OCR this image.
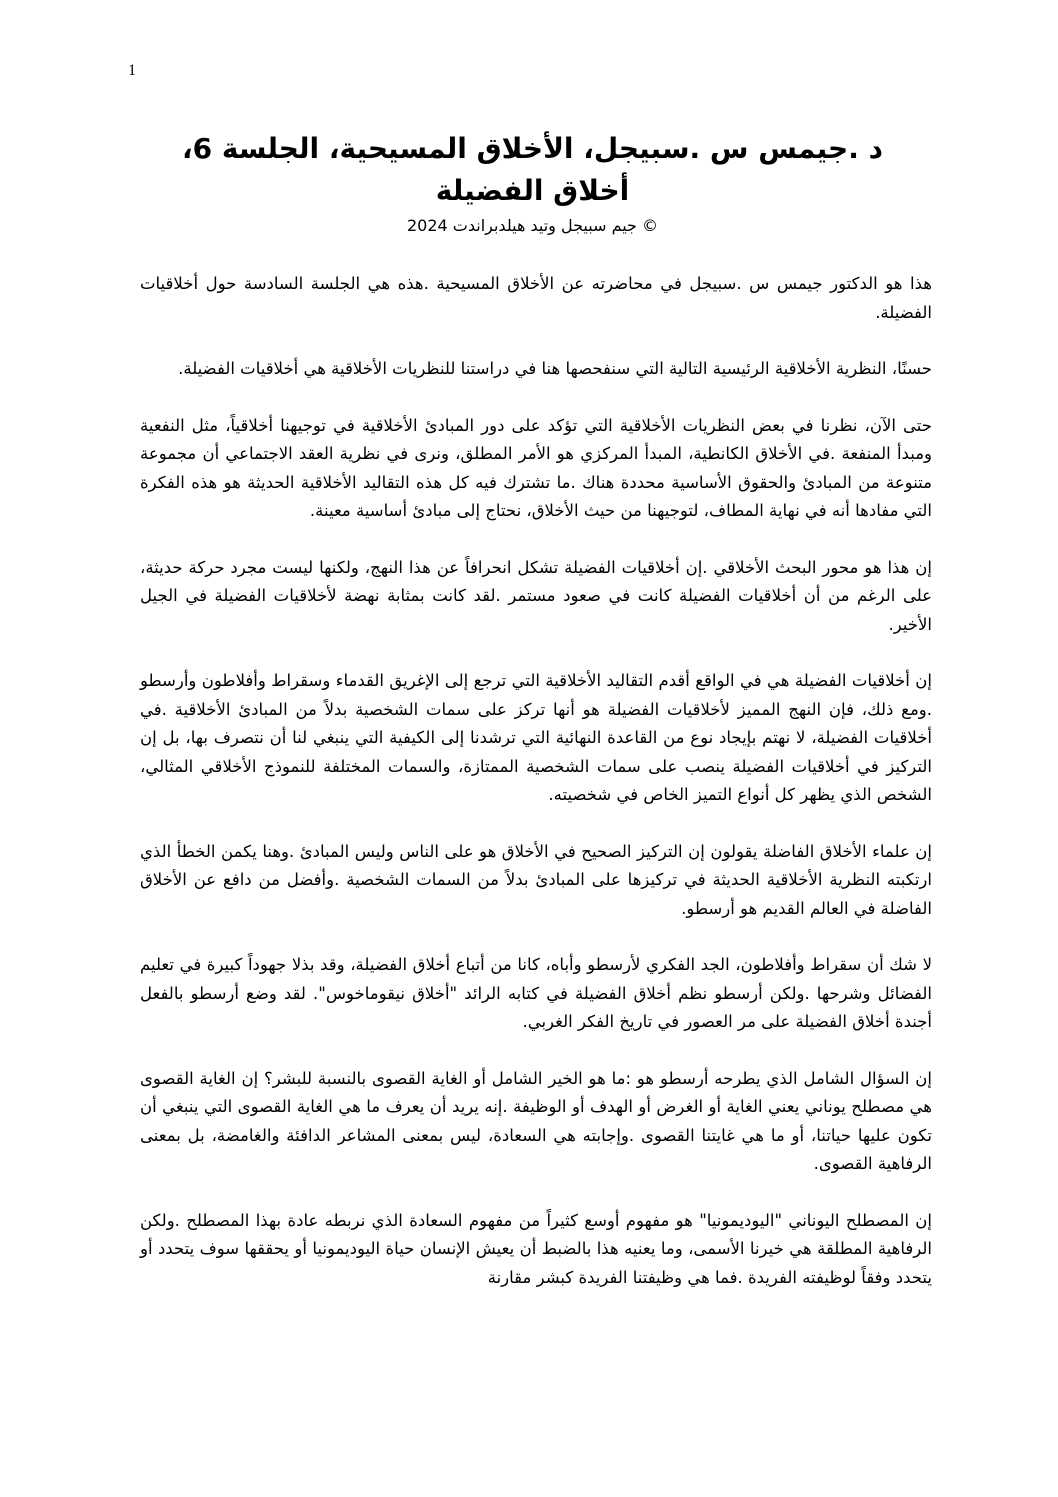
1
د .جيمس س .سبيجل، الأخلاق المسيحية، الجلسة 6،
أخلاق الفضيلة
© جيم سبيجل وتيد هيلدبراندت 2024

هذا هو الدكتور جيمس س .سبيجل في محاضرته عن الأخلاق المسيحية .هذه هي الجلسة السادسة حول أخلاقيات الفضيلة.

حسنًا، النظرية الأخلاقية الرئيسية التالية التي سنفحصها هنا في دراستنا للنظريات الأخلاقية هي أخلاقيات الفضيلة.

حتى الآن، نظرنا في بعض النظريات الأخلاقية التي تؤكد على دور المبادئ الأخلاقية في توجيهنا أخلاقياً، مثل النفعية ومبدأ المنفعة .في الأخلاق الكانطية، المبدأ المركزي هو الأمر المطلق، ونرى في نظرية العقد الاجتماعي أن مجموعة متنوعة من المبادئ والحقوق الأساسية محددة هناك .ما تشترك فيه كل هذه التقاليد الأخلاقية الحديثة هو هذه الفكرة التي مفادها أنه في نهاية المطاف، لتوجيهنا من حيث الأخلاق، نحتاج إلى مبادئ أساسية معينة.

إن هذا هو محور البحث الأخلاقي .إن أخلاقيات الفضيلة تشكل انحرافاً عن هذا النهج، ولكنها ليست مجرد حركة حديثة، على الرغم من أن أخلاقيات الفضيلة كانت في صعود مستمر .لقد كانت بمثابة نهضة لأخلاقيات الفضيلة في الجيل الأخير.

إن أخلاقيات الفضيلة هي في الواقع أقدم التقاليد الأخلاقية التي ترجع إلى الإغريق القدماء وسقراط وأفلاطون وأرسطو .ومع ذلك، فإن النهج المميز لأخلاقيات الفضيلة هو أنها تركز على سمات الشخصية بدلاً من المبادئ الأخلاقية .في أخلاقيات الفضيلة، لا نهتم بإيجاد نوع من القاعدة النهائية التي ترشدنا إلى الكيفية التي ينبغي لنا أن نتصرف بها، بل إن التركيز في أخلاقيات الفضيلة ينصب على سمات الشخصية الممتازة، والسمات المختلفة للنموذج الأخلاقي المثالي، الشخص الذي يظهر كل أنواع التميز الخاص في شخصيته.

إن علماء الأخلاق الفاضلة يقولون إن التركيز الصحيح في الأخلاق هو على الناس وليس المبادئ .وهنا يكمن الخطأ الذي ارتكبته النظرية الأخلاقية الحديثة في تركيزها على المبادئ بدلاً من السمات الشخصية .وأفضل من دافع عن الأخلاق الفاضلة في العالم القديم هو أرسطو.

لا شك أن سقراط وأفلاطون، الجد الفكري لأرسطو وأباه، كانا من أتباع أخلاق الفضيلة، وقد بذلا جهوداً كبيرة في تعليم الفضائل وشرحها .ولكن أرسطو نظم أخلاق الفضيلة في كتابه الرائد "أخلاق نيقوماخوس". لقد وضع أرسطو بالفعل أجندة أخلاق الفضيلة على مر العصور في تاريخ الفكر الغربي.

إن السؤال الشامل الذي يطرحه أرسطو هو :ما هو الخير الشامل أو الغاية القصوى بالنسبة للبشر؟ إن الغاية القصوى هي مصطلح يوناني يعني الغاية أو الغرض أو الهدف أو الوظيفة .إنه يريد أن يعرف ما هي الغاية القصوى التي ينبغي أن تكون عليها حياتنا، أو ما هي غايتنا القصوى .وإجابته هي السعادة، ليس بمعنى المشاعر الدافئة والغامضة، بل بمعنى الرفاهية القصوى.

إن المصطلح اليوناني "اليوديمونيا" هو مفهوم أوسع كثيراً من مفهوم السعادة الذي نربطه عادة بهذا المصطلح .ولكن الرفاهية المطلقة هي خيرنا الأسمى، وما يعنيه هذا بالضبط أن يعيش الإنسان حياة اليوديمونيا أو يحققها سوف يتحدد أو يتحدد وفقاً لوظيفته الفريدة .فما هي وظيفتنا الفريدة كبشر مقارنة
